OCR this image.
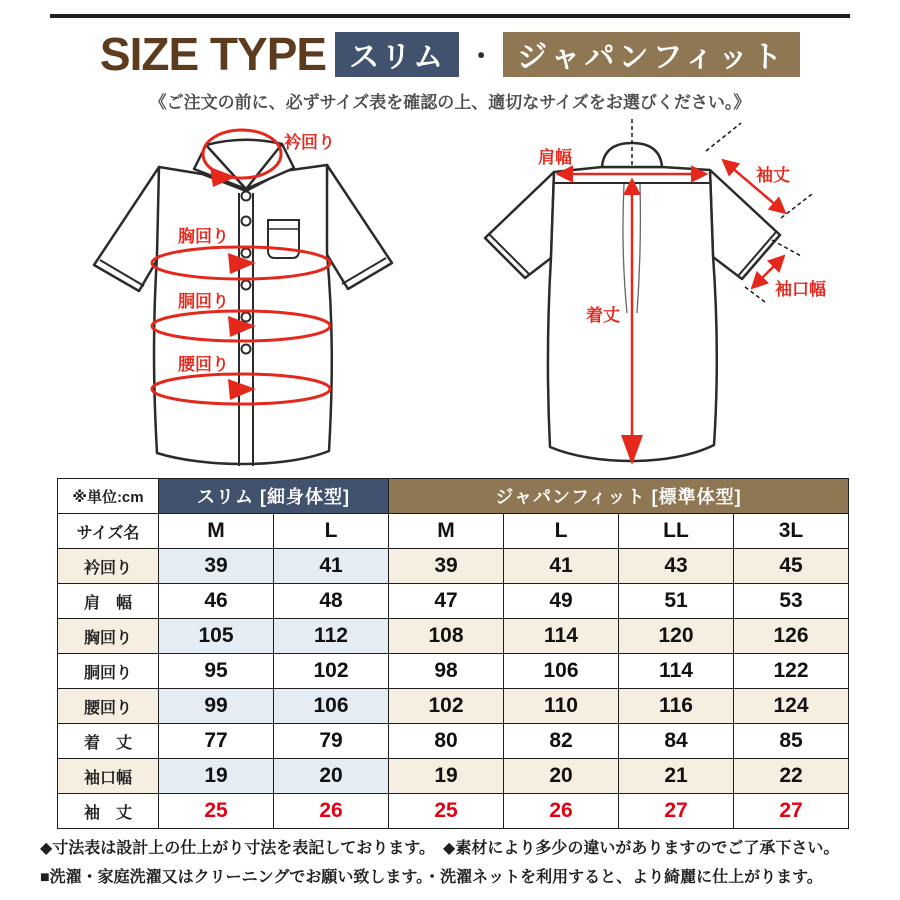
SIZE TYPE スリム ・ ジャパンフィット
《ご注文の前に、必ずサイズ表を確認の上、適切なサイズをお選びください。》
衿回り
胸回り
胴回り
腰回り
肩幅
袖丈
袖口幅
着丈
※単位:cm	スリム [細身体型]		ジャパンフィット [標準体型]			
サイズ名	M	L	M	L	LL	3L
衿回り	39	41	39	41	43	45
肩　幅	46	48	47	49	51	53
胸回り	105	112	108	114	120	126
胴回り	95	102	98	106	114	122
腰回り	99	106	102	110	116	124
着　丈	77	79	80	82	84	85
袖口幅	19	20	19	20	21	22
袖　丈	25	26	25	26	27	27
◆寸法表は設計上の仕上がり寸法を表記しております。　◆素材により多少の違いがありますのでご了承下さい。
■洗濯・家庭洗濯又はクリーニングでお願い致します。・洗濯ネットを利用すると、より綺麗に仕上がります。
